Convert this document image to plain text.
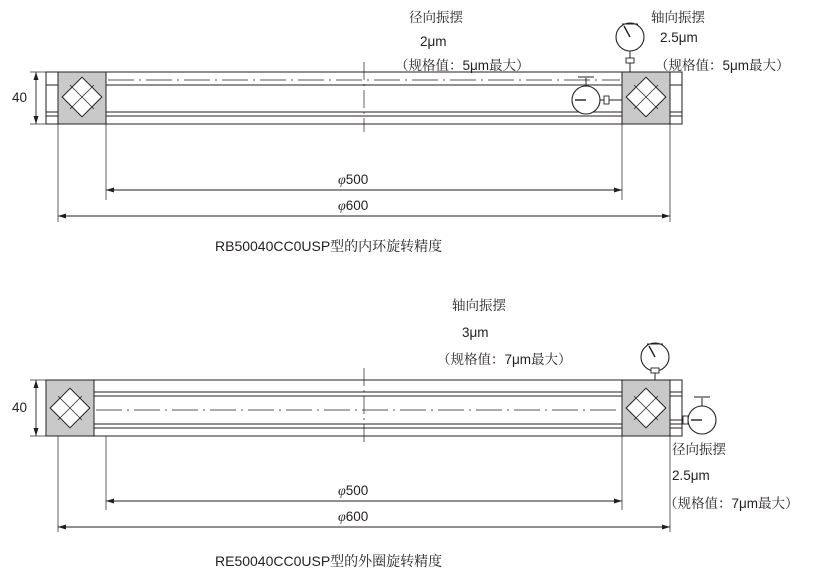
径向振摆
2μm
（规格值：5μm最大）
轴向振摆
2.5μm
（规格值：5μm最大）
40
φ500
φ600
RB50040CC0USP型的内环旋转精度
轴向振摆
3μm
（规格值：7μm最大）
径向振摆
2.5μm
（规格值：7μm最大）
40
φ500
φ600
RE50040CC0USP型的外圈旋转精度
